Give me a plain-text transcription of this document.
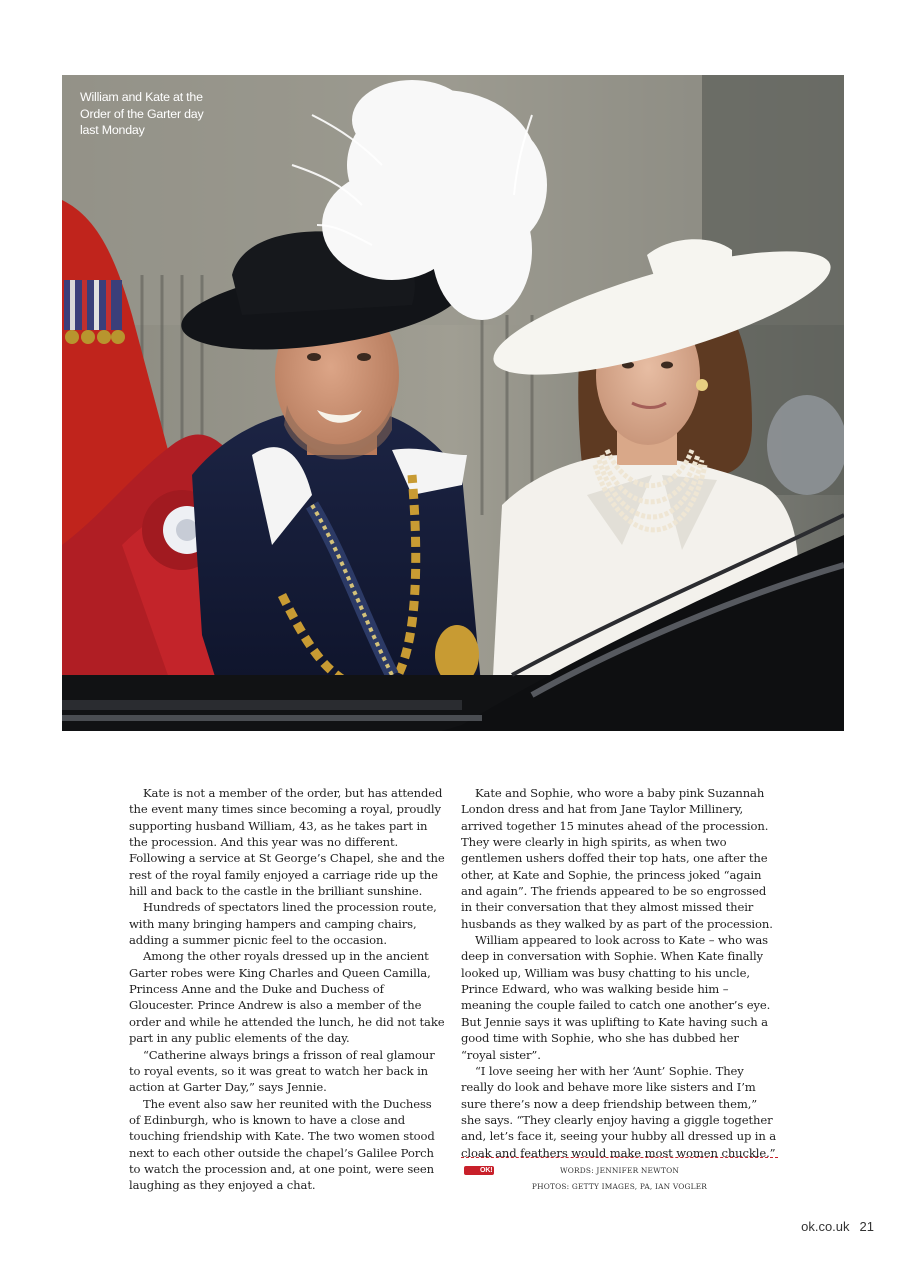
William and Kate at the Order of the Garter day last Monday

Kate is not a member of the order, but has attended the event many times since becoming a royal, proudly supporting husband William, 43, as he takes part in the procession. And this year was no different. Following a service at St George’s Chapel, she and the rest of the royal family enjoyed a carriage ride up the hill and back to the castle in the brilliant sunshine.

Hundreds of spectators lined the procession route, with many bringing hampers and camping chairs, adding a summer picnic feel to the occasion.

Among the other royals dressed up in the ancient Garter robes were King Charles and Queen Camilla, Princess Anne and the Duke and Duchess of Gloucester. Prince Andrew is also a member of the order and while he attended the lunch, he did not take part in any public elements of the day.

“Catherine always brings a frisson of real glamour to royal events, so it was great to watch her back in action at Garter Day,” says Jennie.

The event also saw her reunited with the Duchess of Edinburgh, who is known to have a close and touching friendship with Kate. The two women stood next to each other outside the chapel’s Galilee Porch to watch the procession and, at one point, were seen laughing as they enjoyed a chat.

Kate and Sophie, who wore a baby pink Suzannah London dress and hat from Jane Taylor Millinery, arrived together 15 minutes ahead of the procession. They were clearly in high spirits, as when two gentlemen ushers doffed their top hats, one after the other, at Kate and Sophie, the princess joked “again and again”. The friends appeared to be so engrossed in their conversation that they almost missed their husbands as they walked by as part of the procession.

William appeared to look across to Kate – who was deep in conversation with Sophie. When Kate finally looked up, William was busy chatting to his uncle, Prince Edward, who was walking beside him – meaning the couple failed to catch one another’s eye. But Jennie says it was uplifting to Kate having such a good time with Sophie, who she has dubbed her “royal sister”.

“I love seeing her with her ‘Aunt’ Sophie. They really do look and behave more like sisters and I’m sure there’s now a deep friendship between them,” she says. “They clearly enjoy having a giggle together and, let’s face it, seeing your hubby all dressed up in a cloak and feathers would make most women chuckle.”OK!	WORDS: JENNIFER NEWTON
PHOTOS: GETTY IMAGES, PA, IAN VOGLER
ok.co.uk 21
